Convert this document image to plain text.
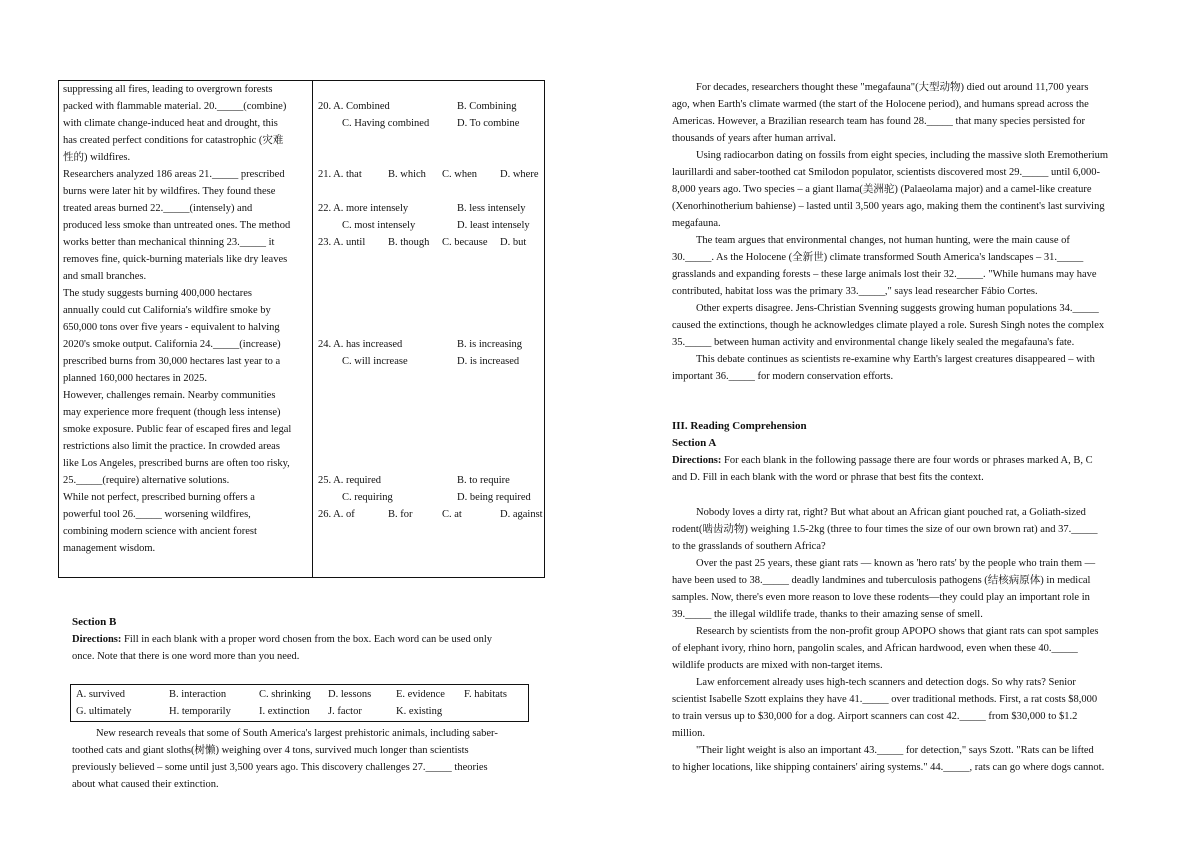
suppressing all fires, leading to overgrown forests
packed with flammable material. 20._____(combine)
with climate change-induced heat and drought, this
has created perfect conditions for catastrophic (灾难
性的) wildfires.
Researchers analyzed 186 areas 21._____ prescribed
burns were later hit by wildfires. They found these
treated areas burned 22._____(intensely) and
produced less smoke than untreated ones. The method
works better than mechanical thinning 23._____ it
removes fine, quick-burning materials like dry leaves
and small branches.
The study suggests burning 400,000 hectares
annually could cut California's wildfire smoke by
650,000 tons over five years - equivalent to halving
2020's smoke output. California 24._____(increase)
prescribed burns from 30,000 hectares last year to a
planned 160,000 hectares in 2025.
However, challenges remain. Nearby communities
may experience more frequent (though less intense)
smoke exposure. Public fear of escaped fires and legal
restrictions also limit the practice. In crowded areas
like Los Angeles, prescribed burns are often too risky,
25._____(require) alternative solutions.
While not perfect, prescribed burning offers a
powerful tool 26._____ worsening wildfires,
combining modern science with ancient forest
management wisdom.
20. A. Combined	B. Combining
C. Having combined	D. To combine
21. A. that	B. which C. when D. where
22. A. more intensely	B. less intensely
C. most intensely	D. least intensely
23. A. until B. though C. because D. but
24. A. has increased	B. is increasing
C. will increase	D. is increased
25. A. required	B. to require
C. requiring	D. being required
26. A. of	B. for	C. at	D. against
Section B
Directions: Fill in each blank with a proper word chosen from the box. Each word can be used only
once. Note that there is one word more than you need.
A. survived	B. interaction	C. shrinking D. lessons E. evidence F. habitats
G. ultimately	H. temporarily	I. extinction J. factor	K. existing
New research reveals that some of South America's largest prehistoric animals, including saber-
toothed cats and giant sloths(树懒) weighing over 4 tons, survived much longer than scientists
previously believed – some until just 3,500 years ago. This discovery challenges 27._____ theories
about what caused their extinction.
For decades, researchers thought these "megafauna"(大型动物) died out around 11,700 years
ago, when Earth's climate warmed (the start of the Holocene period), and humans spread across the
Americas. However, a Brazilian research team has found 28._____ that many species persisted for
thousands of years after human arrival.
Using radiocarbon dating on fossils from eight species, including the massive sloth Eremotherium
laurillardi and saber-toothed cat Smilodon populator, scientists discovered most 29._____ until 6,000-
8,000 years ago. Two species – a giant llama(美洲驼) (Palaeolama major) and a camel-like creature
(Xenorhinotherium bahiense) – lasted until 3,500 years ago, making them the continent's last surviving
megafauna.
The team argues that environmental changes, not human hunting, were the main cause of
30._____. As the Holocene (全新世) climate transformed South America's landscapes – 31._____
grasslands and expanding forests – these large animals lost their 32._____. "While humans may have
contributed, habitat loss was the primary 33._____," says lead researcher Fábio Cortes.
Other experts disagree. Jens-Christian Svenning suggests growing human populations 34._____
caused the extinctions, though he acknowledges climate played a role. Suresh Singh notes the complex
35._____ between human activity and environmental change likely sealed the megafauna's fate.
This debate continues as scientists re-examine why Earth's largest creatures disappeared – with
important 36._____ for modern conservation efforts.
III. Reading Comprehension
Section A
Directions: For each blank in the following passage there are four words or phrases marked A, B, C
and D. Fill in each blank with the word or phrase that best fits the context.
Nobody loves a dirty rat, right? But what about an African giant pouched rat, a Goliath-sized
rodent(啮齿动物) weighing 1.5-2kg (three to four times the size of our own brown rat) and 37._____
to the grasslands of southern Africa?
Over the past 25 years, these giant rats — known as 'hero rats' by the people who train them —
have been used to 38._____ deadly landmines and tuberculosis pathogens (结核病原体) in medical
samples. Now, there's even more reason to love these rodents—they could play an important role in
39._____ the illegal wildlife trade, thanks to their amazing sense of smell.
Research by scientists from the non-profit group APOPO shows that giant rats can spot samples
of elephant ivory, rhino horn, pangolin scales, and African hardwood, even when these 40._____
wildlife products are mixed with non-target items.
Law enforcement already uses high-tech scanners and detection dogs. So why rats? Senior
scientist Isabelle Szott explains they have 41._____ over traditional methods. First, a rat costs $8,000
to train versus up to $30,000 for a dog. Airport scanners can cost 42._____ from $30,000 to $1.2
million.
"Their light weight is also an important 43._____ for detection," says Szott. "Rats can be lifted
to higher locations, like shipping containers' airing systems." 44._____, rats can go where dogs cannot.
